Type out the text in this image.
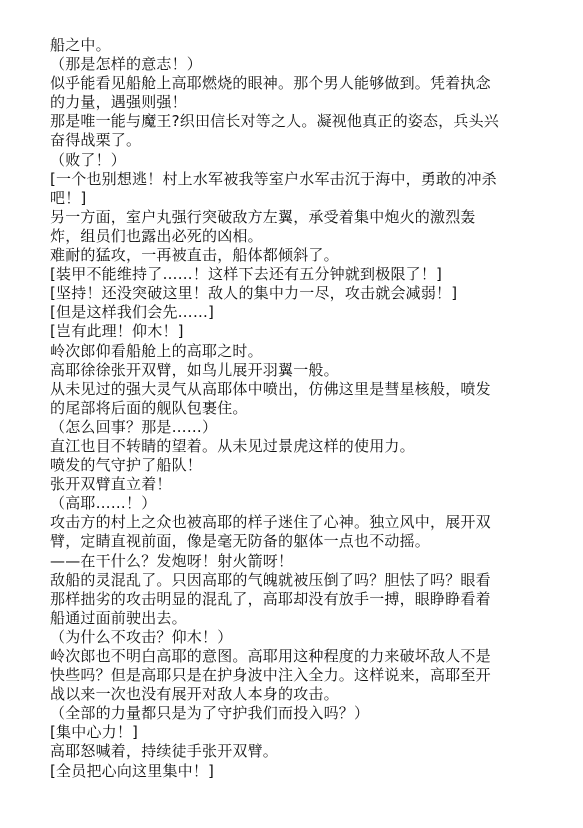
船之中。
（那是怎样的意志！）
似乎能看见船舱上高耶燃烧的眼神。那个男人能够做到。凭着执念
的力量，遇强则强！
那是唯一能与魔王?织田信长对等之人。凝视他真正的姿态，兵头兴
奋得战栗了。
（败了！）
[一个也别想逃！村上水军被我等室户水军击沉于海中，勇敢的冲杀
吧！]
另一方面，室户丸强行突破敌方左翼，承受着集中炮火的激烈轰
炸，组员们也露出必死的凶相。
难耐的猛攻，一再被直击，船体都倾斜了。
[装甲不能维持了……！这样下去还有五分钟就到极限了！]
[坚持！还没突破这里！敌人的集中力一尽，攻击就会减弱！]
[但是这样我们会先……]
[岂有此理！仰木！]
岭次郎仰看船舱上的高耶之时。
高耶徐徐张开双臂，如鸟儿展开羽翼一般。
从未见过的强大灵气从高耶体中喷出，仿佛这里是彗星核般，喷发
的尾部将后面的舰队包裹住。
（怎么回事？那是……）
直江也目不转睛的望着。从未见过景虎这样的使用力。
喷发的气守护了船队！
张开双臂直立着！
（高耶……！）
攻击方的村上之众也被高耶的样子迷住了心神。独立风中，展开双
臂，定睛直视前面，像是毫无防备的躯体一点也不动摇。
——在干什么？发炮呀！射火箭呀！
敌船的灵混乱了。只因高耶的气魄就被压倒了吗？胆怯了吗？眼看
那样拙劣的攻击明显的混乱了，高耶却没有放手一搏，眼睁睁看着
船通过面前驶出去。
（为什么不攻击？仰木！）
岭次郎也不明白高耶的意图。高耶用这种程度的力来破坏敌人不是
快些吗？但是高耶只是在护身波中注入全力。这样说来，高耶至开
战以来一次也没有展开对敌人本身的攻击。
（全部的力量都只是为了守护我们而投入吗？）
[集中心力！]
高耶怒喊着，持续徒手张开双臂。
[全员把心向这里集中！]
